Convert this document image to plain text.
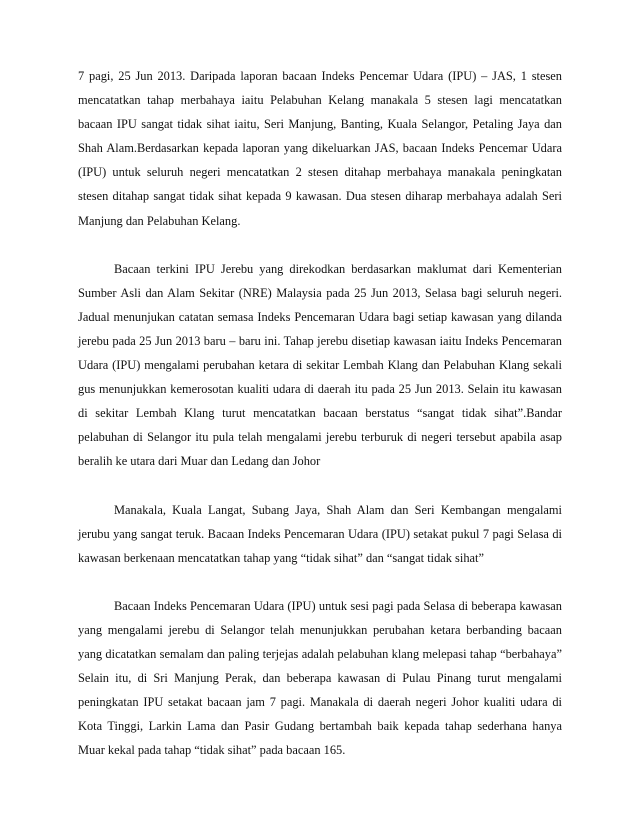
7 pagi, 25 Jun 2013. Daripada laporan bacaan Indeks Pencemar Udara (IPU) – JAS, 1 stesen mencatatkan tahap merbahaya iaitu Pelabuhan Kelang manakala 5 stesen lagi mencatatkan bacaan IPU sangat tidak sihat iaitu, Seri Manjung, Banting, Kuala Selangor, Petaling Jaya dan Shah Alam.Berdasarkan kepada laporan yang dikeluarkan JAS, bacaan Indeks Pencemar Udara (IPU) untuk seluruh negeri mencatatkan 2 stesen ditahap merbahaya manakala peningkatan stesen ditahap sangat tidak sihat kepada 9 kawasan. Dua stesen diharap merbahaya adalah Seri Manjung dan Pelabuhan Kelang.

Bacaan terkini IPU Jerebu yang direkodkan berdasarkan maklumat dari Kementerian Sumber Asli dan Alam Sekitar (NRE) Malaysia pada 25 Jun 2013, Selasa bagi seluruh negeri. Jadual menunjukan catatan semasa Indeks Pencemaran Udara bagi setiap kawasan yang dilanda jerebu pada 25 Jun 2013 baru – baru ini. Tahap jerebu disetiap kawasan iaitu Indeks Pencemaran Udara (IPU) mengalami perubahan ketara di sekitar Lembah Klang dan Pelabuhan Klang sekali gus menunjukkan kemerosotan kualiti udara di daerah itu pada 25 Jun 2013. Selain itu kawasan di sekitar Lembah Klang turut mencatatkan bacaan berstatus “sangat tidak sihat”.Bandar pelabuhan di Selangor itu pula telah mengalami jerebu terburuk di negeri tersebut apabila asap beralih ke utara dari Muar dan Ledang dan Johor

Manakala, Kuala Langat, Subang Jaya, Shah Alam dan Seri Kembangan mengalami jerubu yang sangat teruk. Bacaan Indeks Pencemaran Udara (IPU) setakat pukul 7 pagi Selasa di kawasan berkenaan mencatatkan tahap yang “tidak sihat” dan “sangat tidak sihat”

Bacaan Indeks Pencemaran Udara (IPU) untuk sesi pagi pada Selasa di beberapa kawasan yang mengalami jerebu di Selangor telah menunjukkan perubahan ketara berbanding bacaan yang dicatatkan semalam dan paling terjejas adalah pelabuhan klang melepasi tahap “berbahaya” Selain itu, di Sri Manjung Perak, dan beberapa kawasan di Pulau Pinang turut mengalami peningkatan IPU setakat bacaan jam 7 pagi. Manakala di daerah negeri Johor kualiti udara di Kota Tinggi, Larkin Lama dan Pasir Gudang bertambah baik kepada tahap sederhana hanya Muar kekal pada tahap “tidak sihat” pada bacaan 165.
